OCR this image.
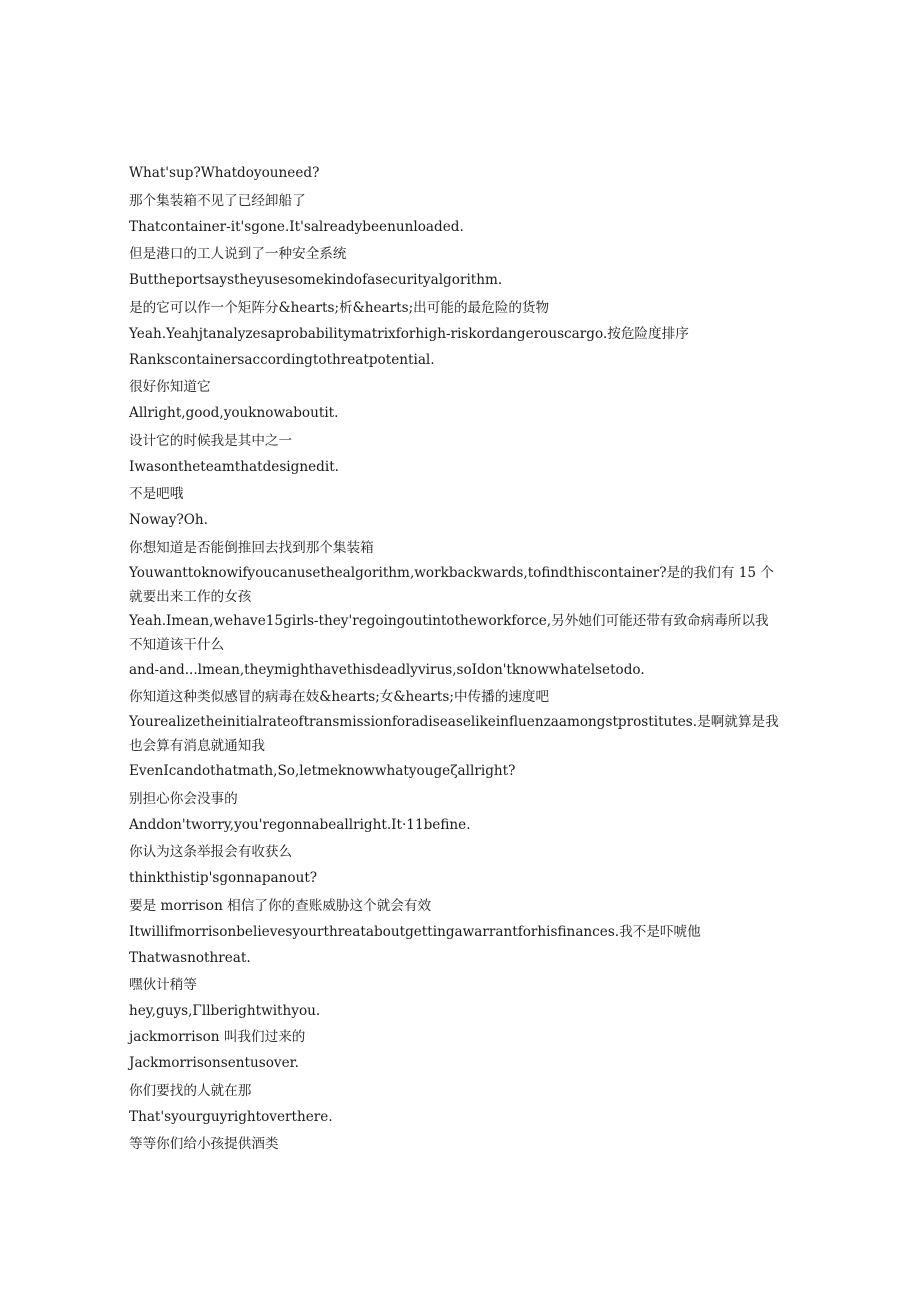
What'sup?Whatdoyouneed?
那个集装箱不见了已经卸船了
Thatcontainer-it'sgone.It'salreadybeenunloaded.
但是港口的工人说到了一种安全系统
Buttheportsaystheyusesomekindofasecurityalgorithm.
是的它可以作一个矩阵分&hearts;析&hearts;出可能的最危险的货物
Yeah.Yeahjtanalyzesaprobabilitymatrixforhigh-riskordangerouscargo.按危险度排序
Rankscontainersaccordingtothreatpotential.
很好你知道它
Allright,good,youknowaboutit.
设计它的时候我是其中之一
Iwasontheteamthatdesignedit.
不是吧哦
Noway?Oh.
你想知道是否能倒推回去找到那个集装箱
Youwanttoknowifyoucanusethealgorithm,workbackwards,tofindthiscontainer?是的我们有 15 个就要出来工作的女孩
Yeah.Imean,wehave15girls-they'regoingoutintotheworkforce,另外她们可能还带有致命病毒所以我不知道该干什么
and-and...lmean,theymighthavethisdeadlyvirus,soIdon'tknowwhatelsetodo.
你知道这种类似感冒的病毒在妓&hearts;女&hearts;中传播的速度吧
Yourealizetheinitialrateoftransmissionforadiseaselikeinfluenzaamongstprostitutes.是啊就算是我也会算有消息就通知我
EvenIcandothatmath,So,letmeknowwhatyougeζallright?
别担心你会没事的
Anddon'tworry,you'regonnabeallright.It·11befine.
你认为这条举报会有收获么
thinkthistip'sgonnapanout?
要是 morrison 相信了你的查账威胁这个就会有效
Itwillifmorrisonbelievesyourthreataboutgettingawarrantforhisfinances.我不是吓唬他
Thatwasnothreat.
嘿伙计稍等
hey,guys,Γllberightwithyou.
jackmorrison 叫我们过来的
Jackmorrisonsentusover.
你们要找的人就在那
That'syourguyrightoverthere.
等等你们给小孩提供酒类
